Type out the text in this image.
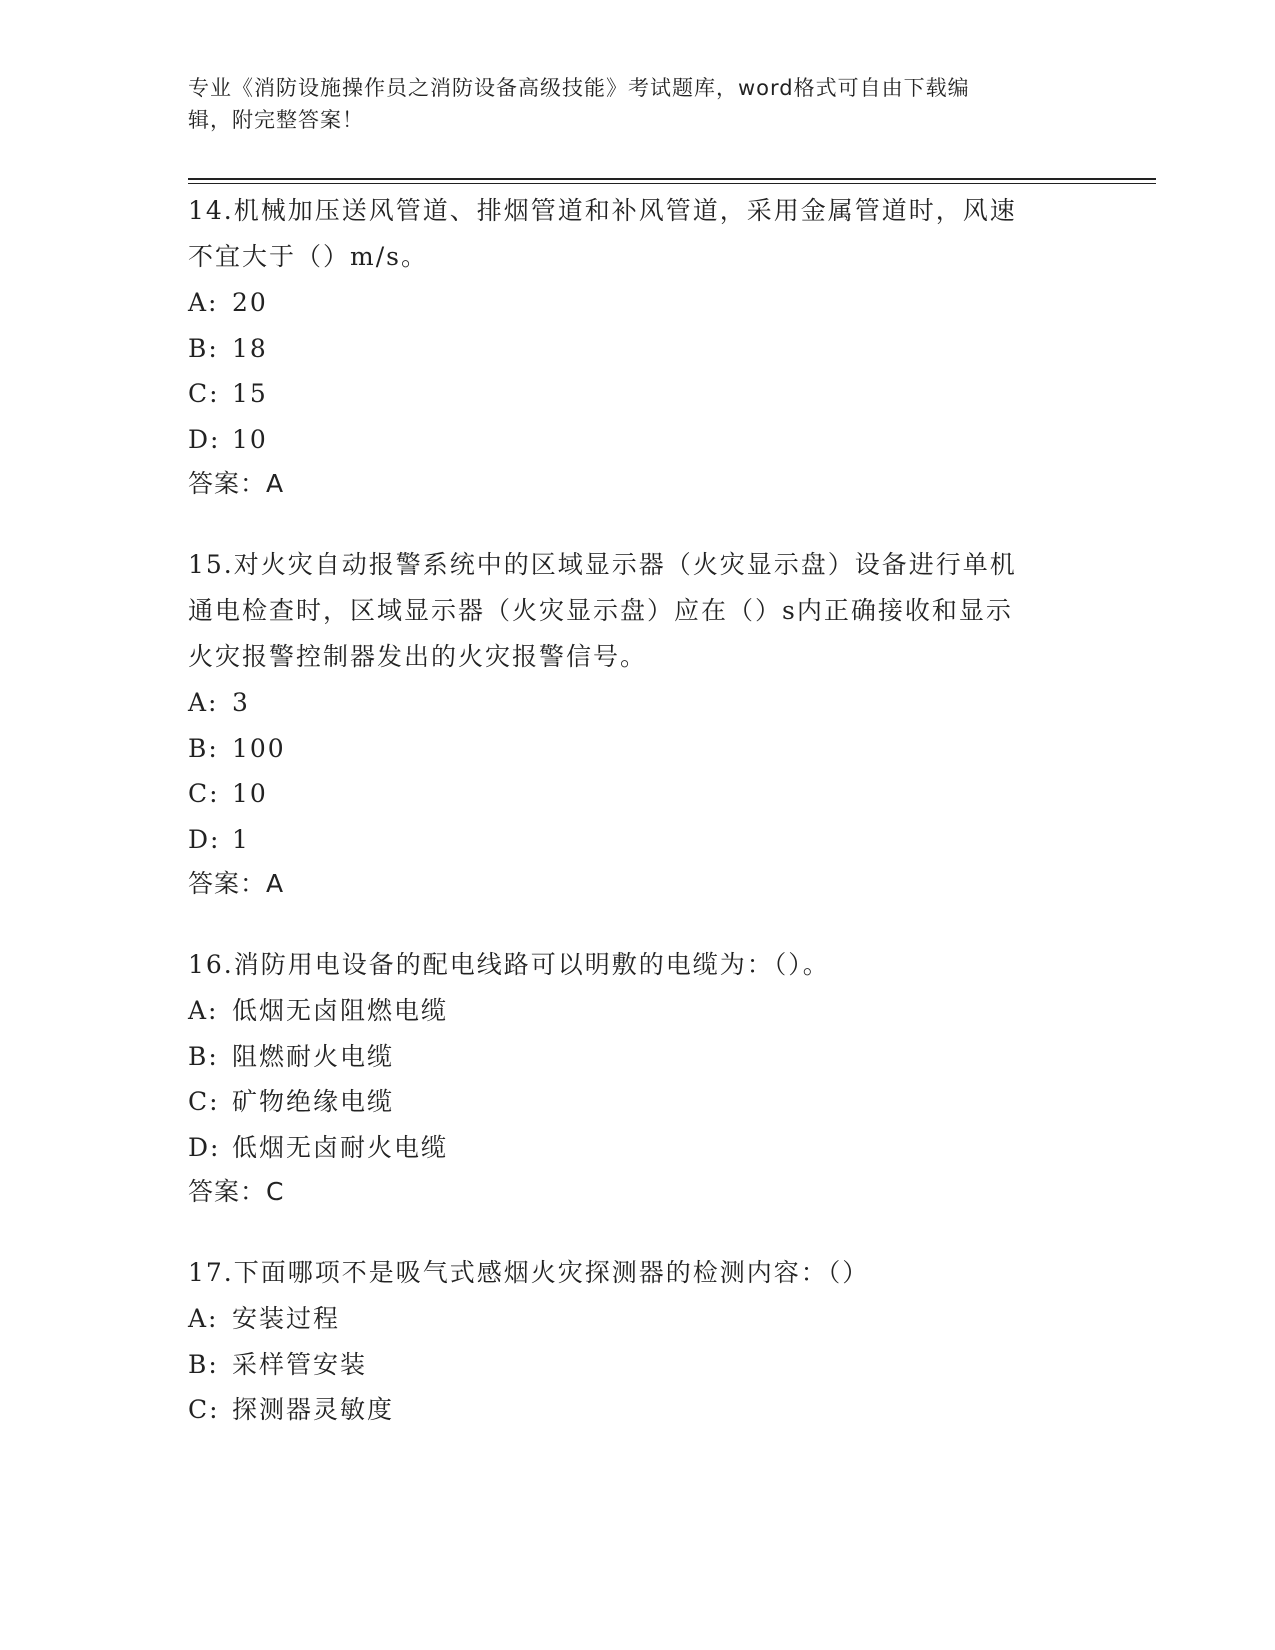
专业《消防设施操作员之消防设备高级技能》考试题库，word格式可自由下载编
辑，附完整答案！
14.机械加压送风管道、排烟管道和补风管道，采用金属管道时，风速
不宜大于（）m/s。
A: 20
B: 18
C: 15
D: 10
答案：A
15.对火灾自动报警系统中的区域显示器（火灾显示盘）设备进行单机
通电检查时，区域显示器（火灾显示盘）应在（）s内正确接收和显示
火灾报警控制器发出的火灾报警信号。
A: 3
B: 100
C: 10
D: 1
答案：A
16.消防用电设备的配电线路可以明敷的电缆为：（）。
A: 低烟无卤阻燃电缆
B: 阻燃耐火电缆
C: 矿物绝缘电缆
D: 低烟无卤耐火电缆
答案：C
17.下面哪项不是吸气式感烟火灾探测器的检测内容：（）
A: 安装过程
B: 采样管安装
C: 探测器灵敏度
